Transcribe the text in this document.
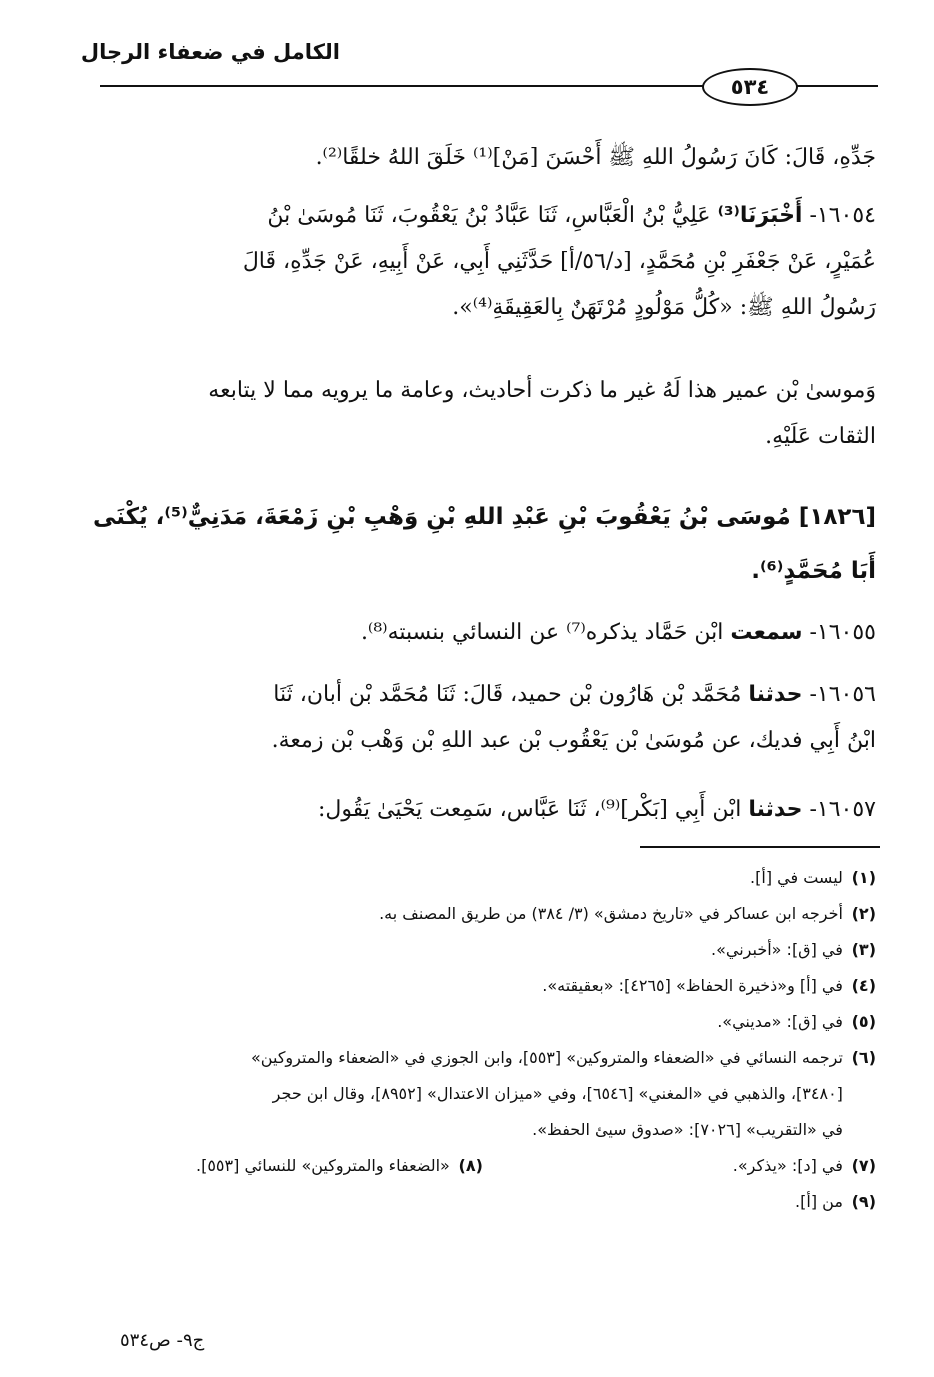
الكامل في ضعفاء الرجال
٥٣٤
جَدِّهِ، قَالَ: كَانَ رَسُولُ اللهِ ﷺ أَحْسَنَ [مَنْ]⁽¹⁾ خَلَقَ اللهُ خلقًا⁽²⁾.
١٦٠٥٤- أَخْبَرَنَا⁽³⁾ عَلِيُّ بْنُ الْعَبَّاسِ، ثَنَا عَبَّادُ بْنُ يَعْقُوبَ، ثَنَا مُوسَىٰ بْنُ
عُمَيْرٍ، عَنْ جَعْفَرِ بْنِ مُحَمَّدٍ، [د/٥٦/أ] حَدَّثَنِي أَبِي، عَنْ أَبِيهِ، عَنْ جَدِّهِ، قَالَ
رَسُولُ اللهِ ﷺ: «كُلُّ مَوْلُودٍ مُرْتَهَنٌ بِالعَقِيقَةِ⁽⁴⁾».
وَموسىٰ بْن عمير هذا لَهُ غير ما ذكرت أحاديث، وعامة ما يرويه مما لا يتابعه
الثقات عَلَيْهِ.
[١٨٢٦] مُوسَى بْنُ يَعْقُوبَ بْنِ عَبْدِ اللهِ بْنِ وَهْبِ بْنِ زَمْعَةَ، مَدَنِيٌّ⁽⁵⁾، يُكْنَى
أَبَا مُحَمَّدٍ⁽⁶⁾.
١٦٠٥٥- سمعت ابْن حَمَّاد يذكره⁽⁷⁾ عن النسائي بنسبته⁽⁸⁾.
١٦٠٥٦- حدثنا مُحَمَّد بْن هَارُون بْن حميد، قَالَ: ثَنَا مُحَمَّد بْن أبان، ثَنَا
ابْنُ أَبِي فديك، عن مُوسَىٰ بْن يَعْقُوب بْن عبد اللهِ بْن وَهْب بْن زمعة.
١٦٠٥٧- حدثنا ابْن أَبِي [بَكْر]⁽⁹⁾، ثَنَا عَبَّاس، سَمِعت يَحْيَىٰ يَقُول:
(١) ليست في [أ].
(٢) أخرجه ابن عساكر في «تاريخ دمشق» (٣/ ٣٨٤) من طريق المصنف به.
(٣) في [ق]: «أخبرني».
(٤) في [أ] و«ذخيرة الحفاظ» [٤٢٦٥]: «بعقيقته».
(٥) في [ق]: «مديني».
(٦) ترجمه النسائي في «الضعفاء والمتروكين» [٥٥٣]، وابن الجوزي في «الضعفاء والمتروكين»
[٣٤٨٠]، والذهبي في «المغني» [٦٥٤٦]، وفي «ميزان الاعتدال» [٨٩٥٢]، وقال ابن حجر
في «التقريب» [٧٠٢٦]: «صدوق سيئ الحفظ».
(٧) في [د]: «يذكر».
(٨) «الضعفاء والمتروكين» للنسائي [٥٥٣].
(٩) من [أ].
ج٩- ص٥٣٤
